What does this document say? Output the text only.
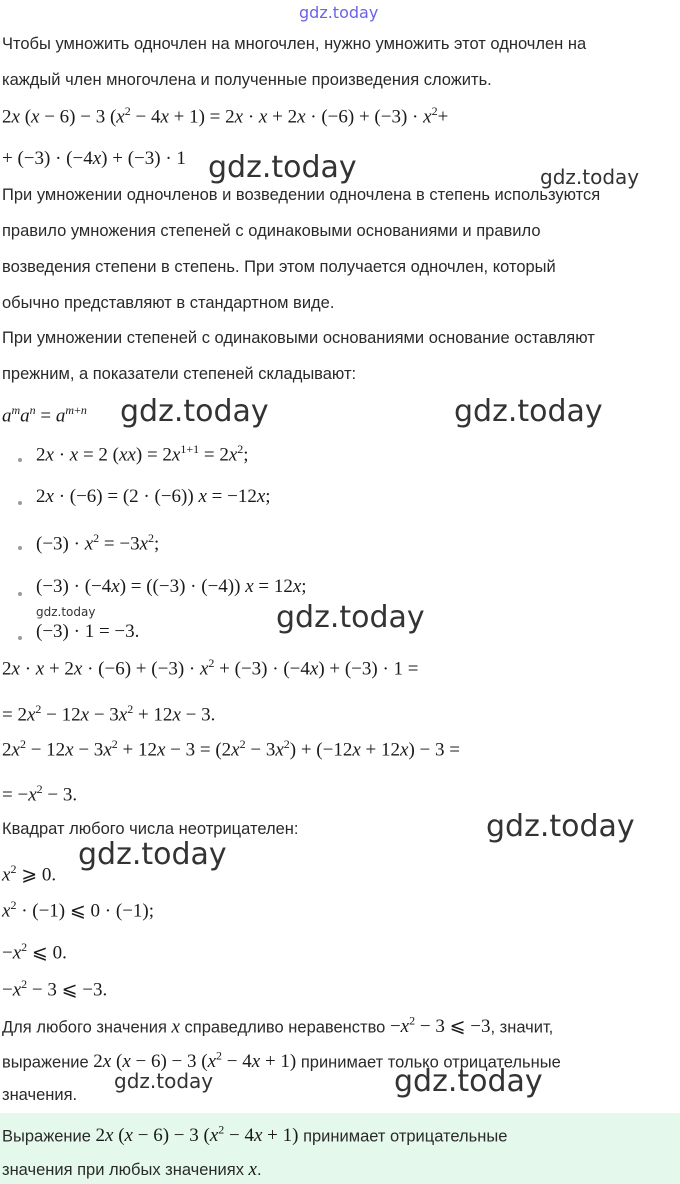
gdz.today
Чтобы умножить одночлен на многочлен, нужно умножить этот одночлен на
каждый член многочлена и полученные произведения сложить.
2x (x − 6) − 3 $(x^2 - 4x + 1) = 2x \cdot x + 2x \cdot (-6) + (-3) \cdot x^2+$
+ (−3) · (−4x) + (−3) · 1 gdz.today	gdz.today
При умножении одночленов и возведении одночлена в степень используются
правило умножения степеней с одинаковыми основаниями и правило
возведения степени в степень. При этом получается одночлен, который
обычно представляют в стандартном виде.
При умножении степеней с одинаковыми основаниями основание оставляют
прежним, а показатели степеней складывают:
$a^ma^n = a^{m+n}$ gdz.today	gdz.today
2x · x = 2 $(xx) = 2x^{1+1} = 2x^2$;
2x · (−6) = (2 · (−6)) x = −12x;
$(-3) \cdot x^2 = -3x^2$;
(−3) · (−4x) = ((−3) · (−4)) x = 12x;
gdz.today	gdz.today
(−3) · 1 = −3.
$2x \cdot x + 2x \cdot (-6) + (-3) \cdot x^2 + (-3) \cdot (-4x) + (-3) \cdot 1$ =
= $2x^2 - 12x - 3x^2 + 12x - 3$.
$2x^2 - 12x - 3x^2 + 12x - 3 = (2x^2 - 3x^2) + (-12x + 12x) - 3$ =
= $-x^2 - 3$.
Квадрат любого числа неотрицателен:	gdz.today
gdz.today
$x^2$ ⩾ 0.
$x^2 \cdot (-1)$ ⩽ 0 · (−1);
$-x^2$ ⩽ 0.
$-x^2 - 3$ ⩽ −3.
Для любого значения x справедливо неравенство $-x^2 - 3$ ⩽ −3, значит,
выражение 2x (x − 6) − 3 $(x^2 - 4x + 1)$ принимает только отрицательные
значения.
gdz.today	gdz.today
Выражение 2x (x − 6) − 3 $(x^2 - 4x + 1)$ принимает отрицательные
значения при любых значениях x.
